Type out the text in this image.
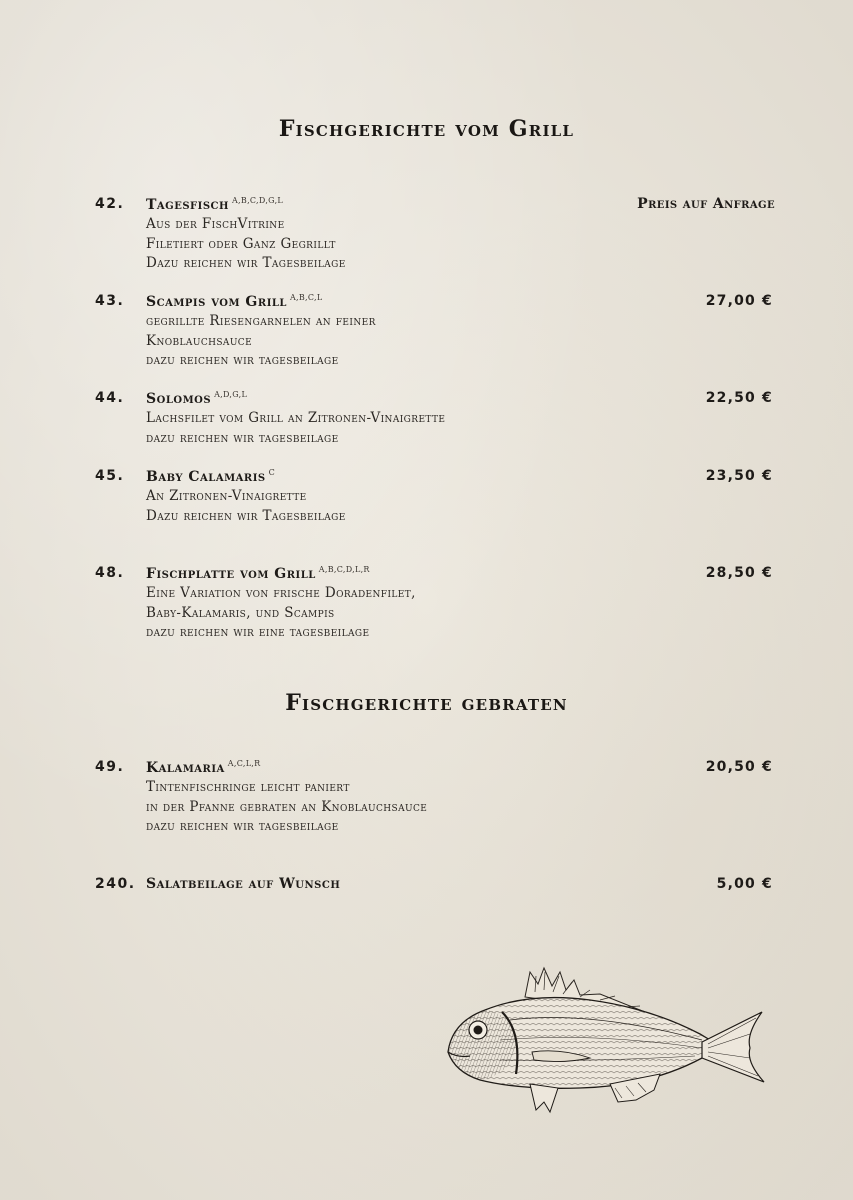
Fischgerichte vom Grill
42. Tagesfisch $^{A,B,C,D,G,L}$	Preis auf Anfrage
Aus der FischVitrine
Filetiert oder Ganz Gegrillt
Dazu reichen wir Tagesbeilage
43. Scampis vom Grill $^{A,B,C,L}$	27,00 €
gegrillte Riesengarnelen an feiner
Knoblauchsauce
dazu reichen wir tagesbeilage
44. Solomos $^{A,D,G,L}$	22,50 €
Lachsfilet vom Grill an Zitronen-Vinaigrette
dazu reichen wir tagesbeilage
45. Baby Calamaris $^C$	23,50 €
An Zitronen-Vinaigrette
Dazu reichen wir Tagesbeilage
48. Fischplatte vom Grill $^{A,B,C,D,L,R}$	28,50 €
Eine Variation von frische Doradenfilet,
Baby-Kalamaris, und Scampis
dazu reichen wir eine tagesbeilage
Fischgerichte gebraten
49. Kalamaria $^{A,C,L,R}$	20,50 €
Tintenfischringe leicht paniert
in der Pfanne gebraten an Knoblauchsauce
dazu reichen wir tagesbeilage
240. Salatbeilage auf Wunsch	5,00 €
